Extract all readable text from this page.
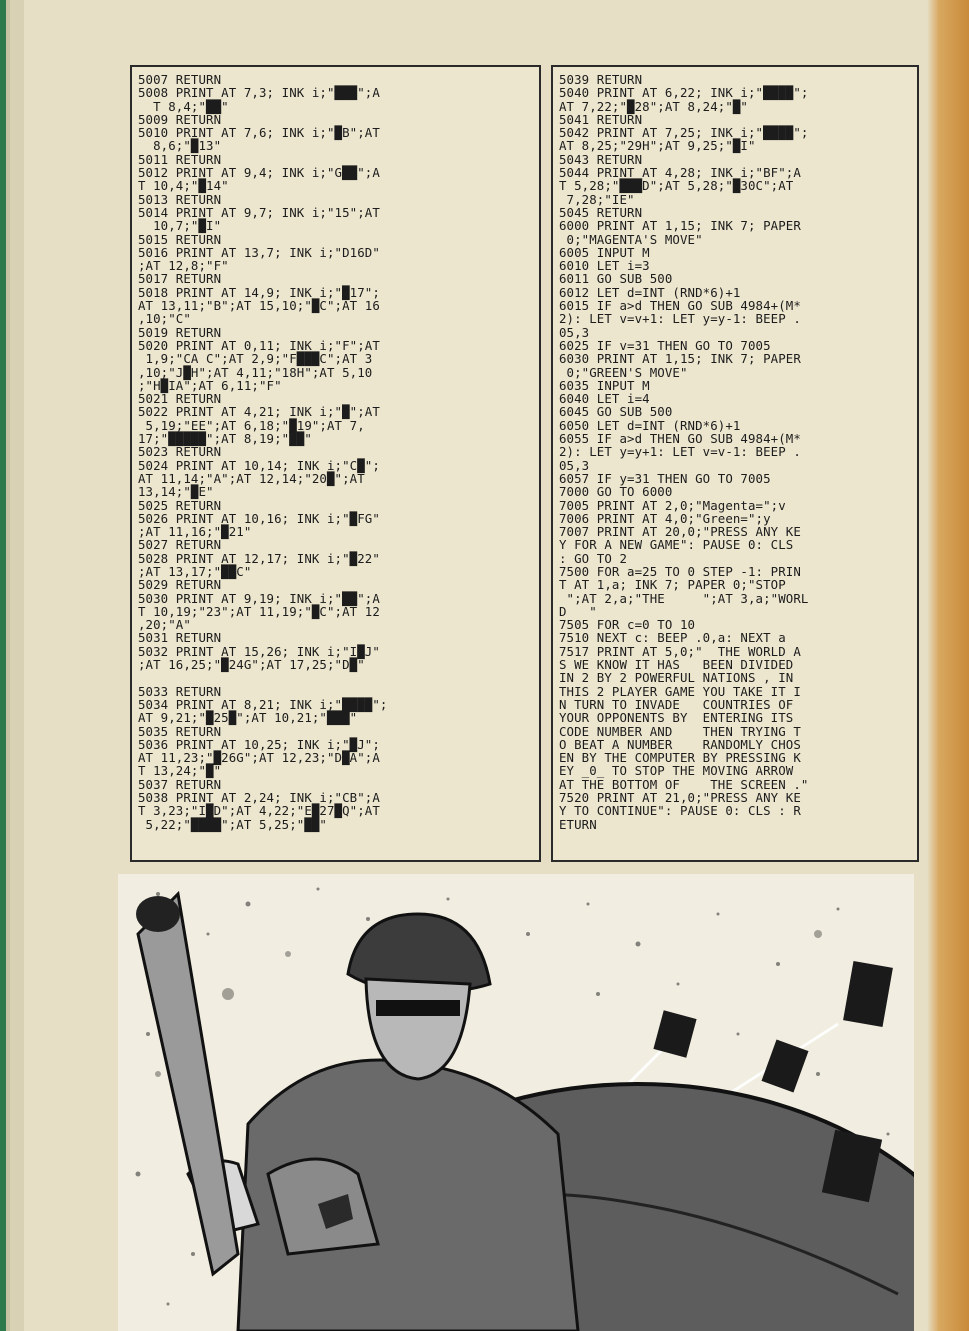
5007 RETURN
5008 PRINT AT 7,3; INK i;"███";A
T 8,4;"██"
5009 RETURN
5010 PRINT AT 7,6; INK i;"█B";AT
8,6;"█13"
5011 RETURN
5012 PRINT AT 9,4; INK i;"G██";A
T 10,4;"█14"
5013 RETURN
5014 PRINT AT 9,7; INK i;"15";AT
10,7;"█I"
5015 RETURN
5016 PRINT AT 13,7; INK i;"D16D"
;AT 12,8;"F"
5017 RETURN
5018 PRINT AT 14,9; INK i;"█17";
AT 13,11;"B";AT 15,10;"█C";AT 16
,10;"C"
5019 RETURN
5020 PRINT AT 0,11; INK i;"F";AT
1,9;"CA C";AT 2,9;"F███C";AT 3
,10;"J█H";AT 4,11;"18H";AT 5,10
;"H█IA";AT 6,11;"F"
5021 RETURN
5022 PRINT AT 4,21; INK i;"█";AT
5,19;"EE";AT 6,18;"█19";AT 7,
17;"█████";AT 8,19;"██"
5023 RETURN
5024 PRINT AT 10,14; INK i;"C█";
AT 11,14;"A";AT 12,14;"20█";AT
13,14;"█E"
5025 RETURN
5026 PRINT AT 10,16; INK i;"█FG"
;AT 11,16;"█21"
5027 RETURN
5028 PRINT AT 12,17; INK i;"█22"
;AT 13,17;"██C"
5029 RETURN
5030 PRINT AT 9,19; INK i;"██";A
T 10,19;"23";AT 11,19;"█C";AT 12
,20;"A"
5031 RETURN
5032 PRINT AT 15,26; INK i;"I█J"
;AT 16,25;"█24G";AT 17,25;"D█"

5033 RETURN
5034 PRINT AT 8,21; INK i;"████";
AT 9,21;"█25█";AT 10,21;"███"
5035 RETURN
5036 PRINT AT 10,25; INK i;"█J";
AT 11,23;"█26G";AT 12,23;"D█A";A
T 13,24;"█"
5037 RETURN
5038 PRINT AT 2,24; INK i;"CB";A
T 3,23;"I█D";AT 4,22;"E█27█Q";AT
5,22;"████";AT 5,25;"██"
5039 RETURN
5040 PRINT AT 6,22; INK i;"████";
AT 7,22;"█28";AT 8,24;"█"
5041 RETURN
5042 PRINT AT 7,25; INK i;"████";
AT 8,25;"29H";AT 9,25;"█I"
5043 RETURN
5044 PRINT AT 4,28; INK i;"BF";A
T 5,28;"███D";AT 5,28;"█30C";AT
7,28;"IE"
5045 RETURN
6000 PRINT AT 1,15; INK 7; PAPER
0;"MAGENTA'S MOVE"
6005 INPUT M
6010 LET i=3
6011 GO SUB 500
6012 LET d=INT (RND*6)+1
6015 IF a>d THEN GO SUB 4984+(M*
2): LET v=v+1: LET y=y-1: BEEP .
05,3
6025 IF v=31 THEN GO TO 7005
6030 PRINT AT 1,15; INK 7; PAPER
0;"GREEN'S MOVE"
6035 INPUT M
6040 LET i=4
6045 GO SUB 500
6050 LET d=INT (RND*6)+1
6055 IF a>d THEN GO SUB 4984+(M*
2): LET y=y+1: LET v=v-1: BEEP .
05,3
6057 IF y=31 THEN GO TO 7005
7000 GO TO 6000
7005 PRINT AT 2,0;"Magenta=";v
7006 PRINT AT 4,0;"Green=";y
7007 PRINT AT 20,0;"PRESS ANY KE
Y FOR A NEW GAME": PAUSE 0: CLS
: GO TO 2
7500 FOR a=25 TO 0 STEP -1: PRIN
T AT 1,a; INK 7; PAPER 0;"STOP
";AT 2,a;"THE     ";AT 3,a;"WORL
D   "
7505 FOR c=0 TO 10
7510 NEXT c: BEEP .0,a: NEXT a
7517 PRINT AT 5,0;"  THE WORLD A
S WE KNOW IT HAS   BEEN DIVIDED
IN 2 BY 2 POWERFUL NATIONS , IN
THIS 2 PLAYER GAME YOU TAKE IT I
N TURN TO INVADE   COUNTRIES OF
YOUR OPPONENTS BY  ENTERING ITS
CODE NUMBER AND    THEN TRYING T
O BEAT A NUMBER    RANDOMLY CHOS
EN BY THE COMPUTER BY PRESSING K
EY _0_ TO STOP THE MOVING ARROW
AT THE BOTTOM OF    THE SCREEN ."
7520 PRINT AT 21,0;"PRESS ANY KE
Y TO CONTINUE": PAUSE 0: CLS : R
ETURN
